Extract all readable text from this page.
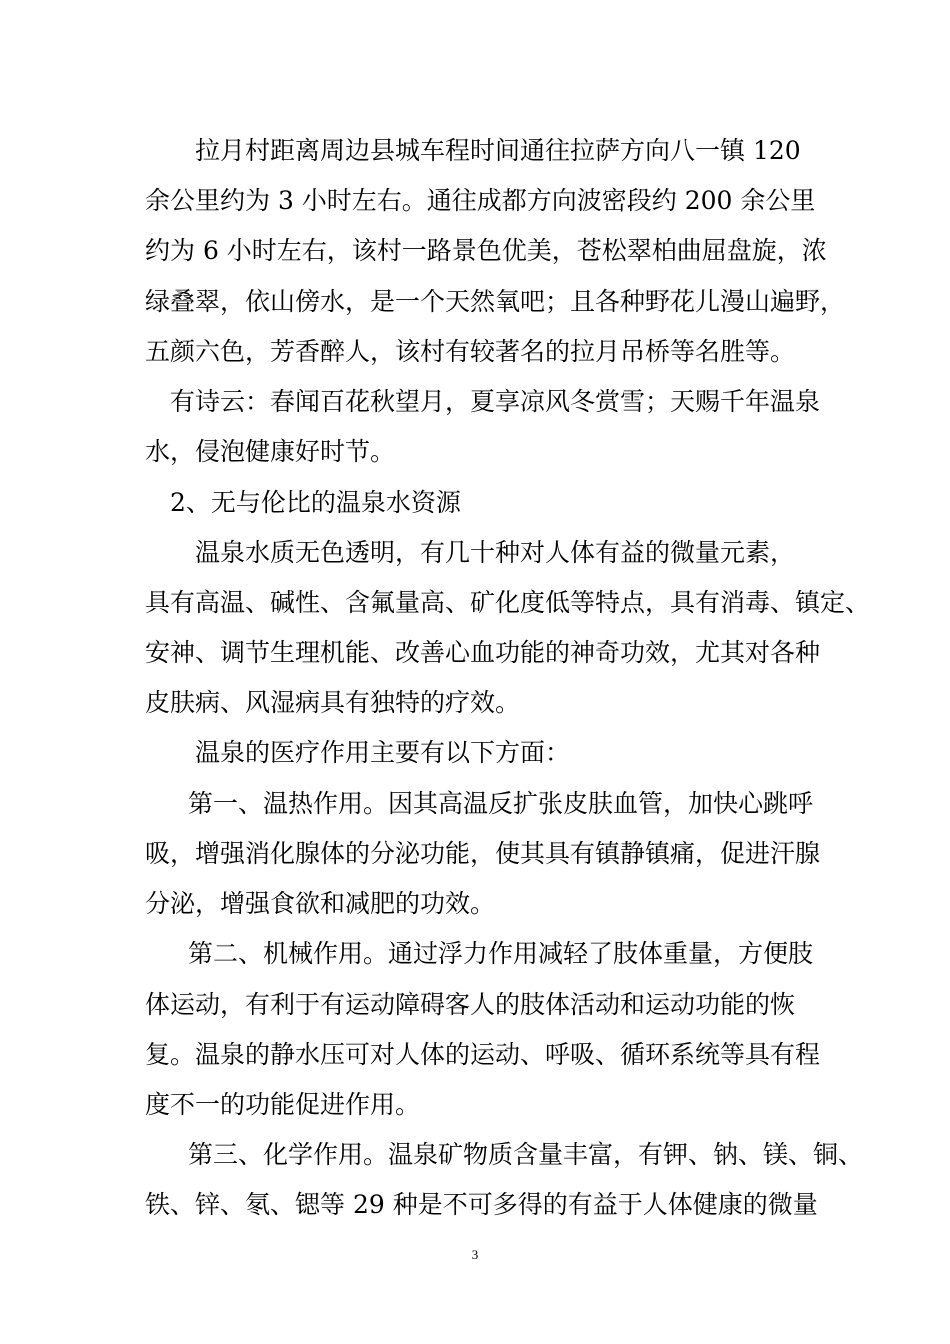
拉月村距离周边县城车程时间通往拉萨方向八一镇 120
余公里约为 3 小时左右。通往成都方向波密段约 200 余公里
约为 6 小时左右，该村一路景色优美，苍松翠柏曲屈盘旋，浓
绿叠翠，依山傍水，是一个天然氧吧；且各种野花儿漫山遍野，
五颜六色，芳香醉人，该村有较著名的拉月吊桥等名胜等。
有诗云：春闻百花秋望月，夏享凉风冬赏雪；天赐千年温泉
水，侵泡健康好时节。
2、无与伦比的温泉水资源
温泉水质无色透明，有几十种对人体有益的微量元素，
具有高温、碱性、含氟量高、矿化度低等特点，具有消毒、镇定、
安神、调节生理机能、改善心血功能的神奇功效，尤其对各种
皮肤病、风湿病具有独特的疗效。
温泉的医疗作用主要有以下方面：
第一、温热作用。因其高温反扩张皮肤血管，加快心跳呼
吸，增强消化腺体的分泌功能，使其具有镇静镇痛，促进汗腺
分泌，增强食欲和减肥的功效。
第二、机械作用。通过浮力作用减轻了肢体重量，方便肢
体运动，有利于有运动障碍客人的肢体活动和运动功能的恢
复。温泉的静水压可对人体的运动、呼吸、循环系统等具有程
度不一的功能促进作用。
第三、化学作用。温泉矿物质含量丰富，有钾、钠、镁、铜、
铁、锌、氡、锶等 29 种是不可多得的有益于人体健康的微量
3
